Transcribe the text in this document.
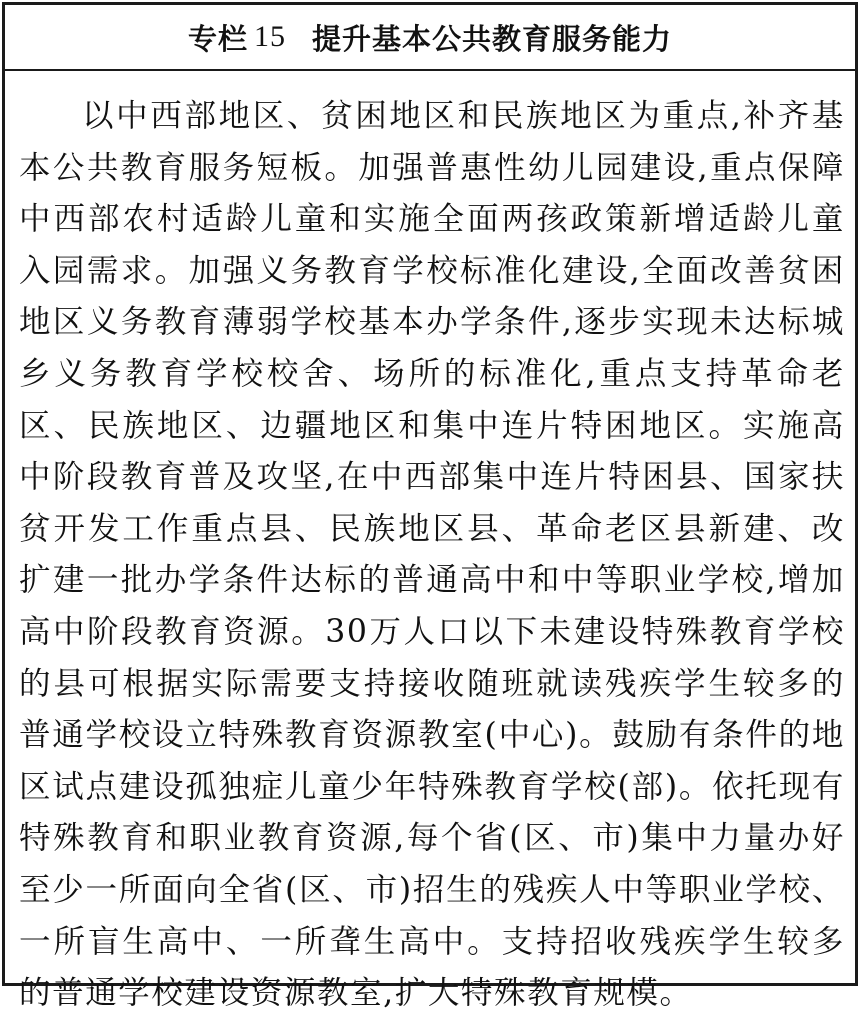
专栏 15 提升基本公共教育服务能力

以中西部地区、贫困地区和民族地区为重点,补齐基本公共教育服务短板。加强普惠性幼儿园建设,重点保障中西部农村适龄儿童和实施全面两孩政策新增适龄儿童入园需求。加强义务教育学校标准化建设,全面改善贫困地区义务教育薄弱学校基本办学条件,逐步实现未达标城乡义务教育学校校舍、场所的标准化,重点支持革命老区、民族地区、边疆地区和集中连片特困地区。实施高中阶段教育普及攻坚,在中西部集中连片特困县、国家扶贫开发工作重点县、民族地区县、革命老区县新建、改扩建一批办学条件达标的普通高中和中等职业学校,增加高中阶段教育资源。30万人口以下未建设特殊教育学校的县可根据实际需要支持接收随班就读残疾学生较多的普通学校设立特殊教育资源教室(中心)。鼓励有条件的地区试点建设孤独症儿童少年特殊教育学校(部)。依托现有特殊教育和职业教育资源,每个省(区、市)集中力量办好至少一所面向全省(区、市)招生的残疾人中等职业学校、一所盲生高中、一所聋生高中。支持招收残疾学生较多的普通学校建设资源教室,扩大特殊教育规模。
